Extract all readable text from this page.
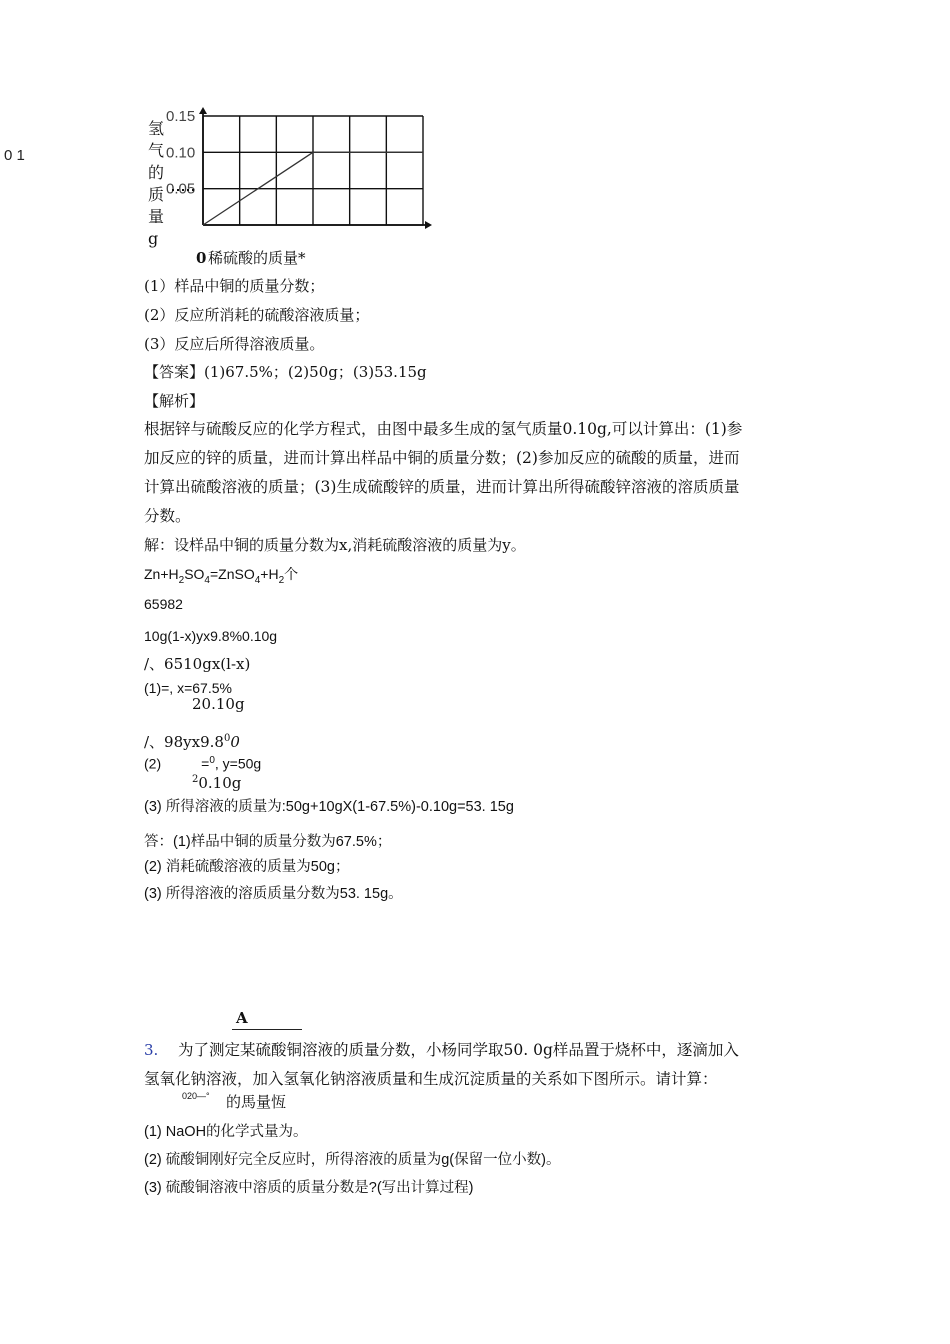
0 1
氢
气
的
质
量
g
0.15
0.10
0.05
0 稀硫酸的质量*
(1）样品中铜的质量分数；
(2）反应所消耗的硫酸溶液质量；
(3）反应后所得溶液质量。
【答案】(1)67.5%；(2)50g；(3)53.15g
【解析】
根据锌与硫酸反应的化学方程式，由图中最多生成的氢气质量0.10g,可以计算出：(1)参
加反应的锌的质量，进而计算出样品中铜的质量分数；(2)参加反应的硫酸的质量，进而
计算出硫酸溶液的质量；(3)生成硫酸锌的质量，进而计算出所得硫酸锌溶液的溶质质量
分数。
解：设样品中铜的质量分数为x,消耗硫酸溶液的质量为y。
$Zn+H_2SO_4=ZnSO_4+H_2$个
65982
10g(1-x)yx9.8%0.10g
/、6510gx(l-x)
(1)=, x=67.5%
20.10g
/、$98yx9.8^00$
(2)	=$^0$, y=50g
$^2$0.10g
(3) 所得溶液的质量为:50g+10gX(1-67.5%)-0.10g=53. 15g
答：(1)样品中铜的质量分数为67.5%；
(2) 消耗硫酸溶液的质量为50g；
(3) 所得溶液的溶质质量分数为53. 15g。
A
3. 为了测定某硫酸铜溶液的质量分数，小杨同学取50. 0g样品置于烧杯中，逐滴加入
氢氧化钠溶液，加入氢氧化钠溶液质量和生成沉淀质量的关系如下图所示。请计算：
020—° 的馬量恆
(1) NaOH的化学式量为。
(2) 硫酸铜刚好完全反应时，所得溶液的质量为g(保留一位小数)。
(3) 硫酸铜溶液中溶质的质量分数是?(写出计算过程)
